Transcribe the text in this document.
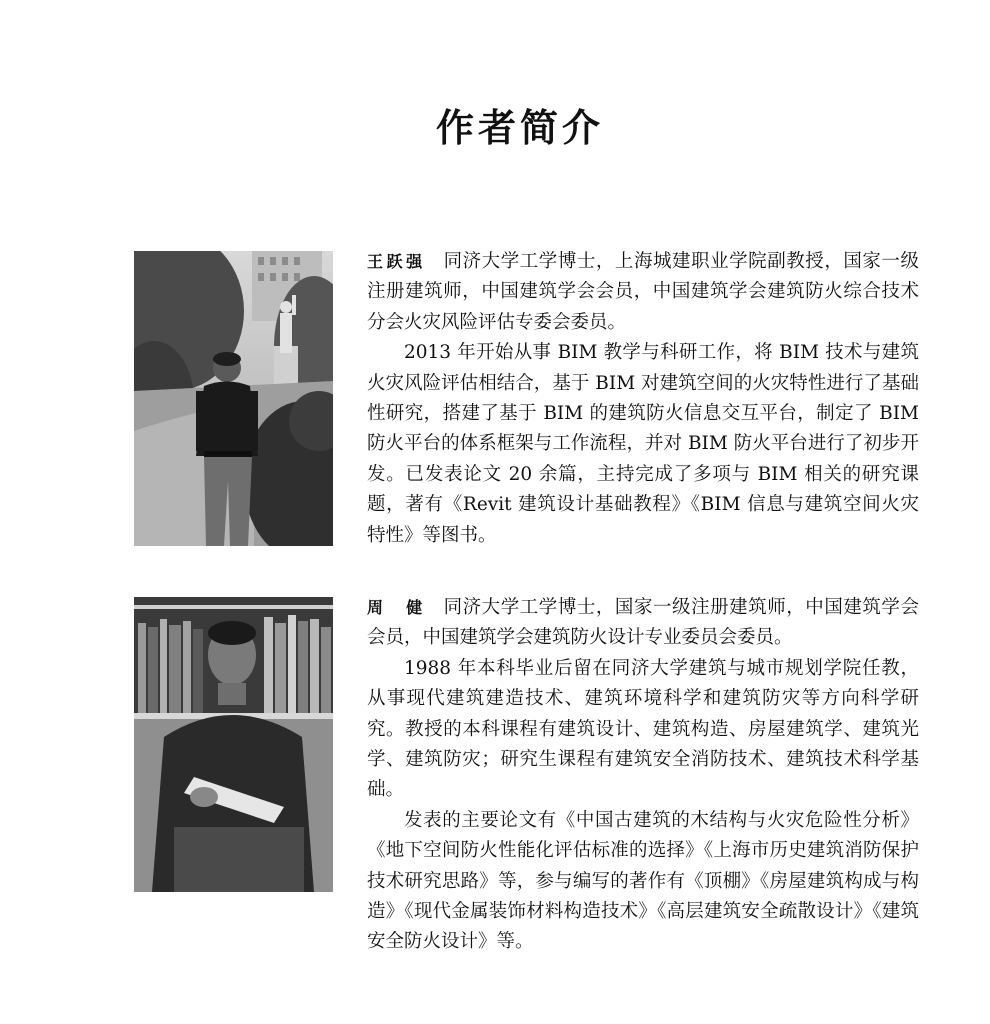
作者简介

王跃强 同济大学工学博士，上海城建职业学院副教授，国家一级注册建筑师，中国建筑学会会员，中国建筑学会建筑防火综合技术分会火灾风险评估专委会委员。

2013 年开始从事 BIM 教学与科研工作，将 BIM 技术与建筑火灾风险评估相结合，基于 BIM 对建筑空间的火灾特性进行了基础性研究，搭建了基于 BIM 的建筑防火信息交互平台，制定了 BIM 防火平台的体系框架与工作流程，并对 BIM 防火平台进行了初步开发。已发表论文 20 余篇，主持完成了多项与 BIM 相关的研究课题，著有《Revit 建筑设计基础教程》《BIM 信息与建筑空间火灾特性》等图书。

周　健 同济大学工学博士，国家一级注册建筑师，中国建筑学会会员，中国建筑学会建筑防火设计专业委员会委员。

1988 年本科毕业后留在同济大学建筑与城市规划学院任教，从事现代建筑建造技术、建筑环境科学和建筑防灾等方向科学研究。教授的本科课程有建筑设计、建筑构造、房屋建筑学、建筑光学、建筑防灾；研究生课程有建筑安全消防技术、建筑技术科学基础。

发表的主要论文有《中国古建筑的木结构与火灾危险性分析》《地下空间防火性能化评估标准的选择》《上海市历史建筑消防保护技术研究思路》等，参与编写的著作有《顶棚》《房屋建筑构成与构造》《现代金属装饰材料构造技术》《高层建筑安全疏散设计》《建筑安全防火设计》等。
